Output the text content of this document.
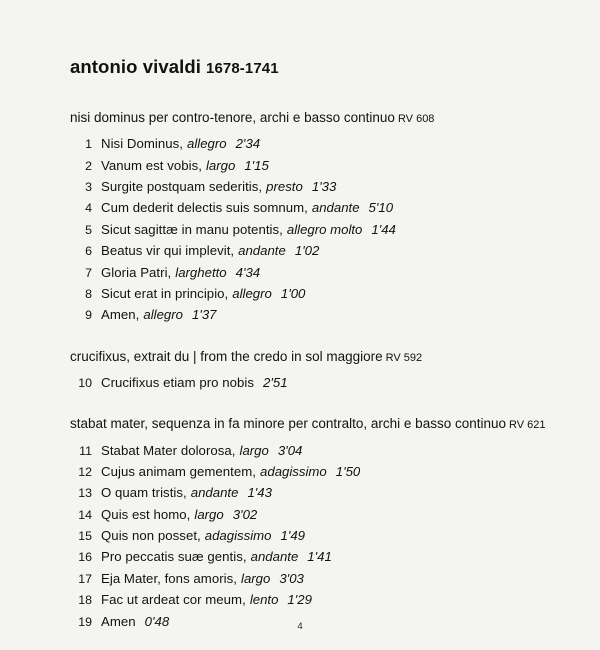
antonio vivaldi 1678-1741

nisi dominus per contro-tenore, archi e basso continuo RV 608

1 Nisi Dominus, allegro 2'34
2 Vanum est vobis, largo 1'15
3 Surgite postquam sederitis, presto 1'33
4 Cum dederit delectis suis somnum, andante 5'10
5 Sicut sagittæ in manu potentis, allegro molto 1'44
6 Beatus vir qui implevit, andante 1'02
7 Gloria Patri, larghetto 4'34
8 Sicut erat in principio, allegro 1'00
9 Amen, allegro 1'37

crucifixus, extrait du | from the credo in sol maggiore RV 592

10 Crucifixus etiam pro nobis 2'51

stabat mater, sequenza in fa minore per contralto, archi e basso continuo RV 621

11 Stabat Mater dolorosa, largo 3'04
12 Cujus animam gementem, adagissimo 1'50
13 O quam tristis, andante 1'43
14 Quis est homo, largo 3'02
15 Quis non posset, adagissimo 1'49
16 Pro peccatis suæ gentis, andante 1'41
17 Eja Mater, fons amoris, largo 3'03
18 Fac ut ardeat cor meum, lento 1'29
19 Amen 0'48	4
